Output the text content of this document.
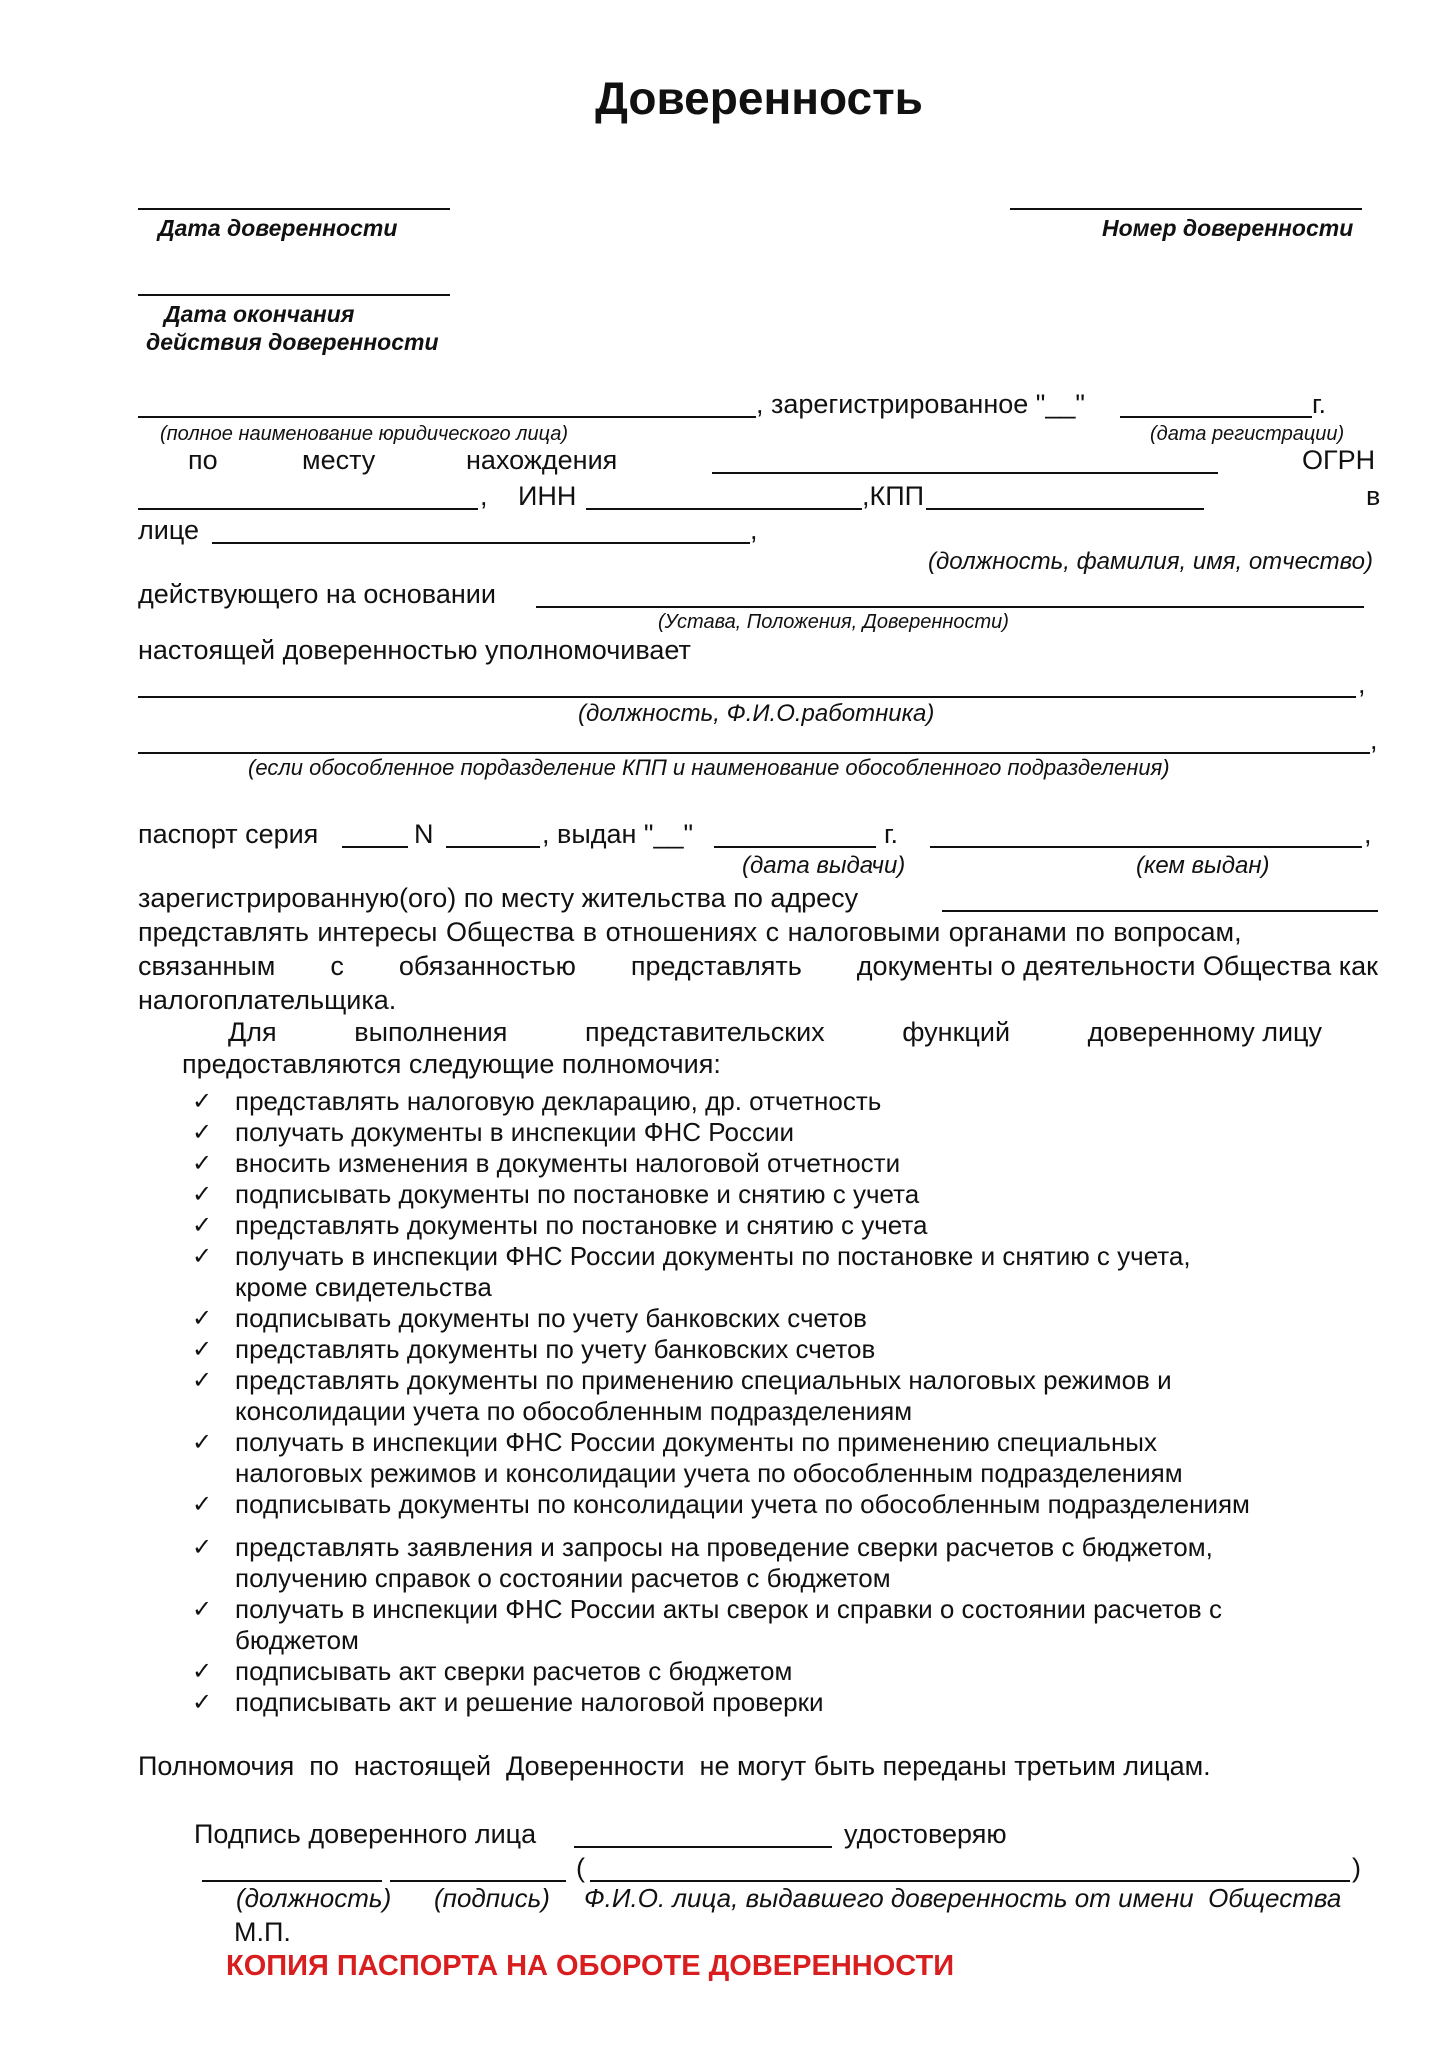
Доверенность
Дата доверенности	Номер доверенности
Дата окончания
действия доверенности
, зарегистрированное "__"	г.
(полное наименование юридического лица)	(дата регистрации)
по	месту	нахождения	ОГРН
, ИНН	,КПП	в
лице	,
(должность, фамилия, имя, отчество)
действующего на основании
(Устава, Положения, Доверенности)
настоящей доверенностью уполномочивает
,
(должность, Ф.И.О.работника)
,
(если обособленное пордазделение КПП и наименование обособленного подразделения)
паспорт серия	N	, выдан "__"	г.	,
(дата выдачи)	(кем выдан)
зарегистрированную(ого) по месту жительства по адресу
представлять интересы Общества в отношениях с налоговыми органами по вопросам,
связанным с обязанностью представлять документы о деятельности Общества как
налогоплательщика.
Для	выполнения	представительских	функций	доверенному лицу
предоставляются следующие полномочия:
✓ представлять налоговую декларацию, др. отчетность
✓ получать документы в инспекции ФНС России
✓ вносить изменения в документы налоговой отчетности
✓ подписывать документы по постановке и снятию с учета
✓ представлять документы по постановке и снятию с учета
✓ получать в инспекции ФНС России документы по постановке и снятию с учета, кроме свидетельства
✓ подписывать документы по учету банковских счетов
✓ представлять документы по учету банковских счетов
✓ представлять документы по применению специальных налоговых режимов и консолидации учета по обособленным подразделениям
✓ получать в инспекции ФНС России документы по применению специальных налоговых режимов и консолидации учета по обособленным подразделениям
✓ подписывать документы по консолидации учета по обособленным подразделениям
✓ представлять заявления и запросы на проведение сверки расчетов с бюджетом, получению справок о состоянии расчетов с бюджетом
✓ получать в инспекции ФНС России акты сверок и справки о состоянии расчетов с бюджетом
✓ подписывать акт сверки расчетов с бюджетом
✓ подписывать акт и решение налоговой проверки
Полномочия  по  настоящей  Доверенности  не могут быть переданы третьим лицам.
Подпись доверенного лица	удостоверяю
(	)
(должность) (подпись) Ф.И.О. лица, выдавшего доверенность от имени  Общества
М.П.
КОПИЯ ПАСПОРТА НА ОБОРОТЕ ДОВЕРЕННОСТИ
